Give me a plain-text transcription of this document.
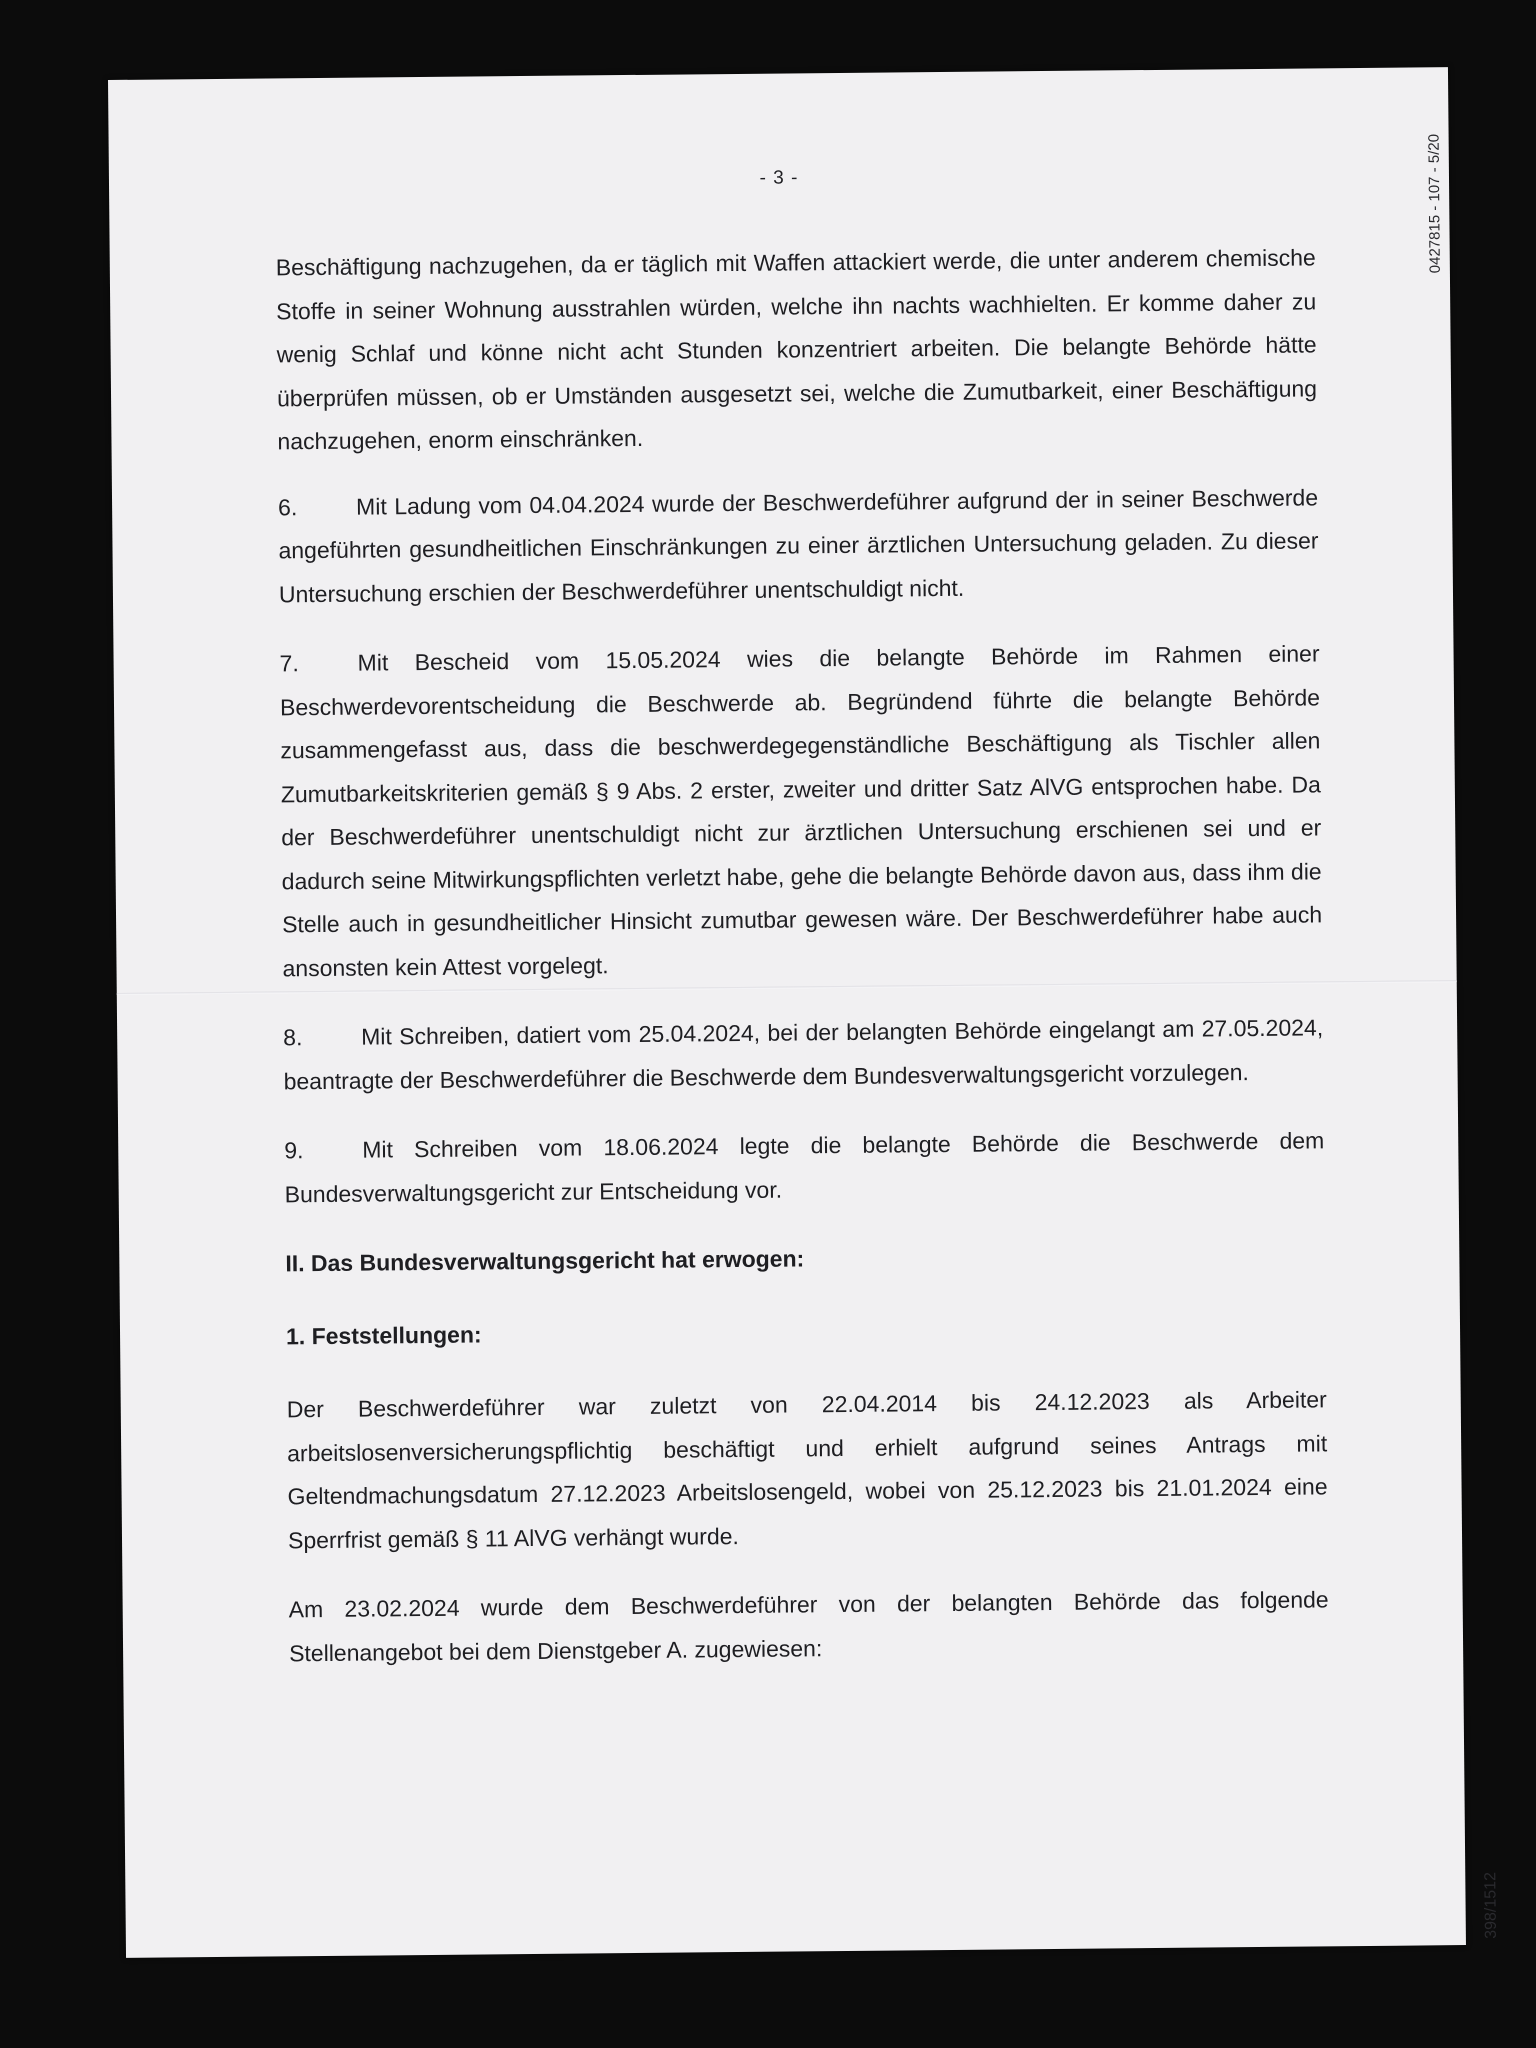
- 3 -	0427815 - 107 - 5/20
398/1512

Beschäftigung nachzugehen, da er täglich mit Waffen attackiert werde, die unter anderem chemische Stoffe in seiner Wohnung ausstrahlen würden, welche ihn nachts wachhielten. Er komme daher zu wenig Schlaf und könne nicht acht Stunden konzentriert arbeiten. Die belangte Behörde hätte überprüfen müssen, ob er Umständen ausgesetzt sei, welche die Zumutbarkeit, einer Beschäftigung nachzugehen, enorm einschränken.

6.	Mit Ladung vom 04.04.2024 wurde der Beschwerdeführer aufgrund der in seiner Beschwerde angeführten gesundheitlichen Einschränkungen zu einer ärztlichen Untersuchung geladen. Zu dieser Untersuchung erschien der Beschwerdeführer unentschuldigt nicht.

7.	Mit Bescheid vom 15.05.2024 wies die belangte Behörde im Rahmen einer Beschwerdevorentscheidung die Beschwerde ab. Begründend führte die belangte Behörde zusammengefasst aus, dass die beschwerdegegenständliche Beschäftigung als Tischler allen Zumutbarkeitskriterien gemäß § 9 Abs. 2 erster, zweiter und dritter Satz AlVG entsprochen habe. Da der Beschwerdeführer unentschuldigt nicht zur ärztlichen Untersuchung erschienen sei und er dadurch seine Mitwirkungspflichten verletzt habe, gehe die belangte Behörde davon aus, dass ihm die Stelle auch in gesundheitlicher Hinsicht zumutbar gewesen wäre. Der Beschwerdeführer habe auch ansonsten kein Attest vorgelegt.

8.	Mit Schreiben, datiert vom 25.04.2024, bei der belangten Behörde eingelangt am 27.05.2024, beantragte der Beschwerdeführer die Beschwerde dem Bundesverwaltungsgericht vorzulegen.

9.	Mit Schreiben vom 18.06.2024 legte die belangte Behörde die Beschwerde dem Bundesverwaltungsgericht zur Entscheidung vor.

II. Das Bundesverwaltungsgericht hat erwogen:
1. Feststellungen:

Der Beschwerdeführer war zuletzt von 22.04.2014 bis 24.12.2023 als Arbeiter arbeitslosenversicherungspflichtig beschäftigt und erhielt aufgrund seines Antrags mit Geltendmachungsdatum 27.12.2023 Arbeitslosengeld, wobei von 25.12.2023 bis 21.01.2024 eine Sperrfrist gemäß § 11 AlVG verhängt wurde.

Am 23.02.2024 wurde dem Beschwerdeführer von der belangten Behörde das folgende Stellenangebot bei dem Dienstgeber A. zugewiesen:
